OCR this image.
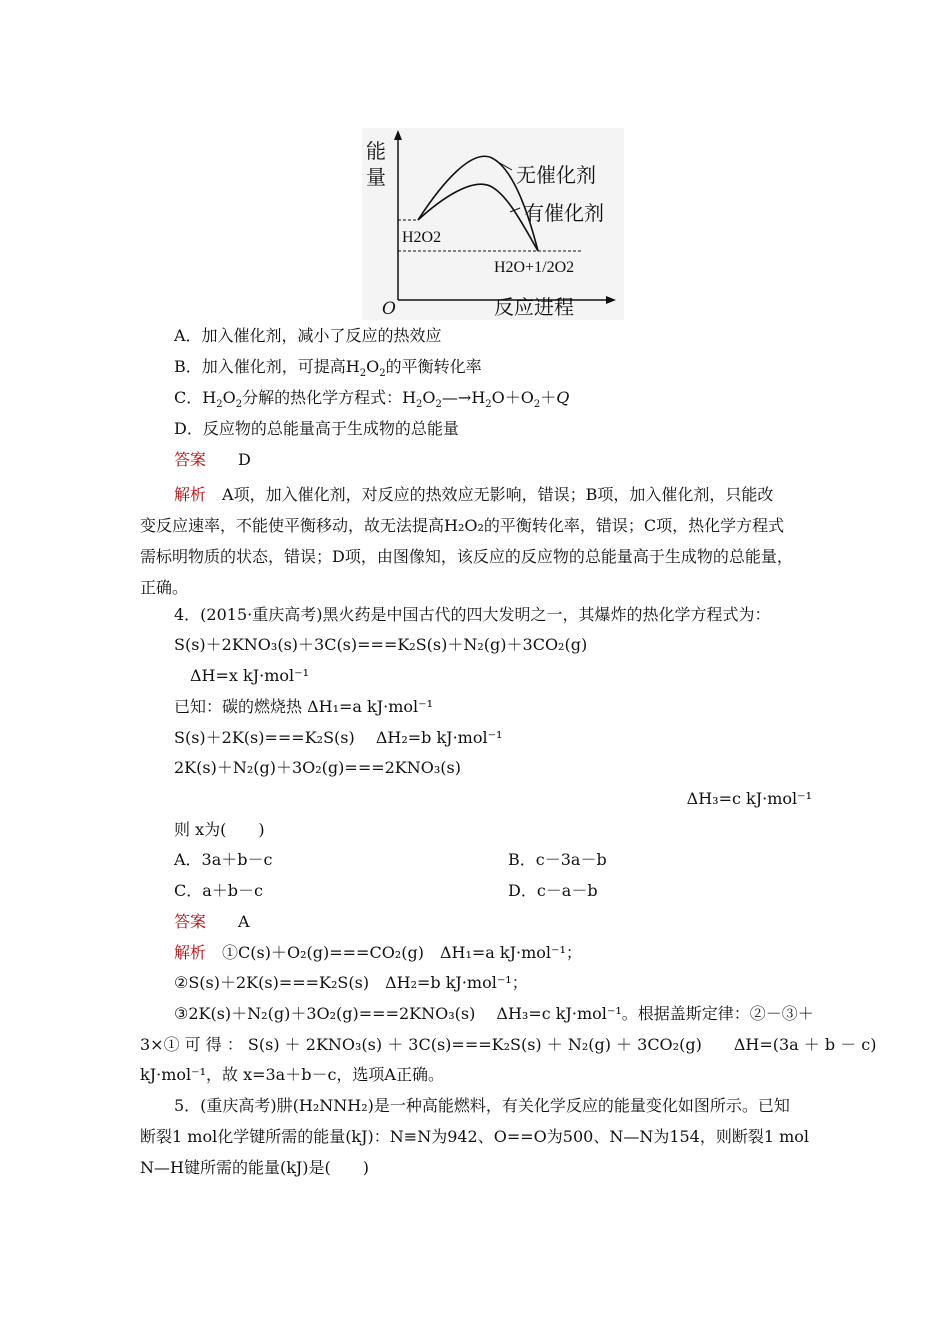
能
量
O	反应进程
无催化剂
有催化剂
H2O2
H2O+1/2O2
A．加入催化剂，减小了反应的热效应
B．加入催化剂，可提高$H_2O_2$的平衡转化率
C．$H_2O_2$分解的热化学方程式：$H_2O_2—\to H_2O+O_2+Q$
D．反应物的总能量高于生成物的总能量
答案　　 D
解析　 A项，加入催化剂，对反应的热效应无影响，错误；B项，加入催化剂，只能改
变反应速率，不能使平衡移动，故无法提高H₂O₂的平衡转化率，错误；C项，热化学方程式
需标明物质的状态，错误；D项，由图像知，该反应的反应物的总能量高于生成物的总能量，
正确。
4．(2015·重庆高考)黑火药是中国古代的四大发明之一，其爆炸的热化学方程式为：
S(s)＋2KNO₃(s)＋3C(s)===K₂S(s)＋N₂(g)＋3CO₂(g)
ΔH=x kJ·mol⁻¹
已知：碳的燃烧热 ΔH₁=a kJ·mol⁻¹
S(s)＋2K(s)===K₂S(s)　 ΔH₂=b kJ·mol⁻¹
2K(s)＋N₂(g)＋3O₂(g)===2KNO₃(s)
ΔH₃=c kJ·mol⁻¹
则 x为(　　)
A．3a＋b－c	B．c－3a－b
C．a＋b－c	D．c－a－b
答案　　 A
解析　 ①C(s)＋O₂(g)===CO₂(g)　ΔH₁=a kJ·mol⁻¹；
②S(s)＋2K(s)===K₂S(s)　ΔH₂=b kJ·mol⁻¹；
③2K(s)＋N₂(g)＋3O₂(g)===2KNO₃(s)　 ΔH₃=c kJ·mol⁻¹。根据盖斯定律：②－③＋
3×① 可 得 ： S(s) ＋ 2KNO₃(s) ＋ 3C(s)===K₂S(s) ＋ N₂(g) ＋ 3CO₂(g)　　ΔH=(3a ＋ b － c)
kJ·mol⁻¹，故 x=3a＋b－c，选项A正确。
5．(重庆高考)肼(H₂NNH₂)是一种高能燃料，有关化学反应的能量变化如图所示。已知
断裂1 mol化学键所需的能量(kJ)：N≡N为942、O==O为500、N—N为154，则断裂1 mol
N—H键所需的能量(kJ)是(　　)
